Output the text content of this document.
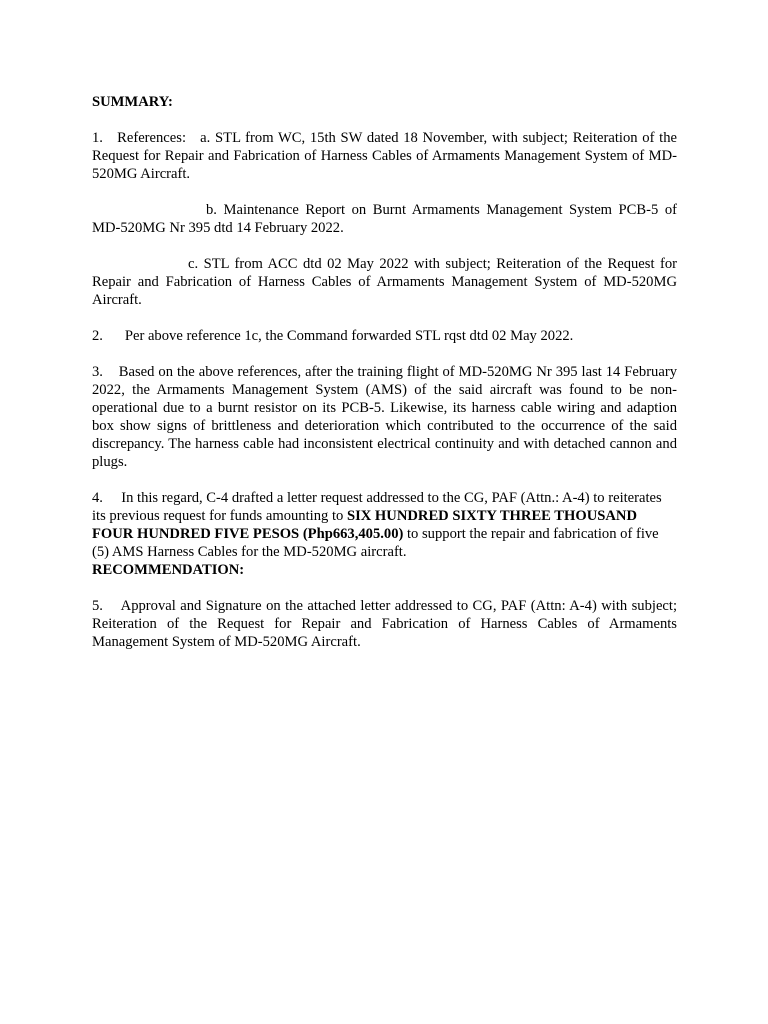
SUMMARY:

1. References: a. STL from WC, 15th SW dated 18 November, with subject; Reiteration of the Request for Repair and Fabrication of Harness Cables of Armaments Management System of MD-520MG Aircraft.

b. Maintenance Report on Burnt Armaments Management System PCB-5 of MD-520MG Nr 395 dtd 14 February 2022.

c. STL from ACC dtd 02 May 2022 with subject; Reiteration of the Request for Repair and Fabrication of Harness Cables of Armaments Management System of MD-520MG Aircraft.

2. Per above reference 1c, the Command forwarded STL rqst dtd 02 May 2022.

3. Based on the above references, after the training flight of MD-520MG Nr 395 last 14 February 2022, the Armaments Management System (AMS) of the said aircraft was found to be non-operational due to a burnt resistor on its PCB-5. Likewise, its harness cable wiring and adaption box show signs of brittleness and deterioration which contributed to the occurrence of the said discrepancy. The harness cable had inconsistent electrical continuity and with detached cannon and plugs.

4. In this regard, C-4 drafted a letter request addressed to the CG, PAF (Attn.: A-4) to reiterates its previous request for funds amounting to SIX HUNDRED SIXTY THREE THOUSAND FOUR HUNDRED FIVE PESOS (Php663,405.00) to support the repair and fabrication of five (5) AMS Harness Cables for the MD-520MG aircraft.

RECOMMENDATION:

5. Approval and Signature on the attached letter addressed to CG, PAF (Attn: A-4) with subject; Reiteration of the Request for Repair and Fabrication of Harness Cables of Armaments Management System of MD-520MG Aircraft.
